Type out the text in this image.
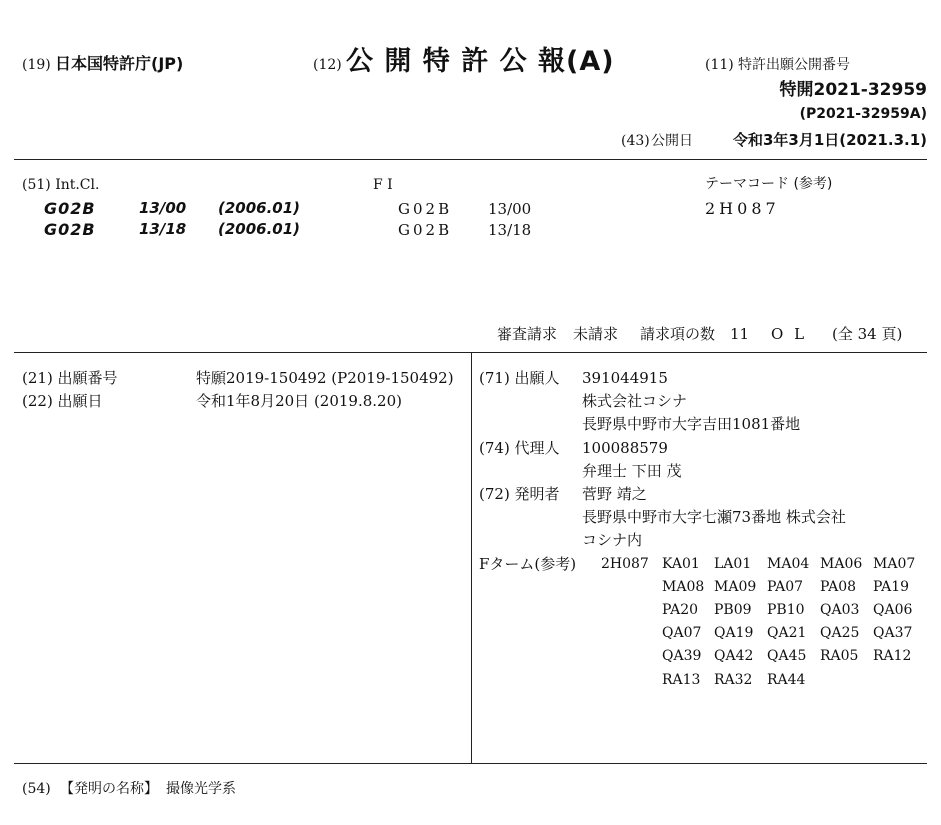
(19) 日本国特許庁(JP)	(12) 公 開 特 許 公 報(A)	(11) 特許出願公開番号
特開2021-32959
(P2021-32959A)
(43) 公開日	令和3年3月1日(2021.3.1)
(51) Int.Cl.	F I	テーマコード (参考)
2H087
G02B	13/00 (2006.01)	G02B 13/00
G02B	13/18 (2006.01)	G02B 13/18
審査請求 未請求 請求項の数 11 O L (全 34 頁)
(21) 出願番号	特願2019-150492 (P2019-150492)
(22) 出願日	令和1年8月20日 (2019.8.20)
(71) 出願人 391044915
株式会社コシナ
長野県中野市大字吉田1081番地
(74) 代理人 100088579
弁理士 下田 茂
(72) 発明者 菅野 靖之
長野県中野市大字七瀬73番地 株式会社
コシナ内
Fターム(参考) 2H087 KA01 LA01 MA04 MA06 MA07
MA08 MA09 PA07 PA08 PA19
PA20 PB09 PB10 QA03 QA06
QA07 QA19 QA21 QA25 QA37
QA39 QA42 QA45 RA05 RA12
RA13 RA32 RA44
(54) 【発明の名称】 撮像光学系
